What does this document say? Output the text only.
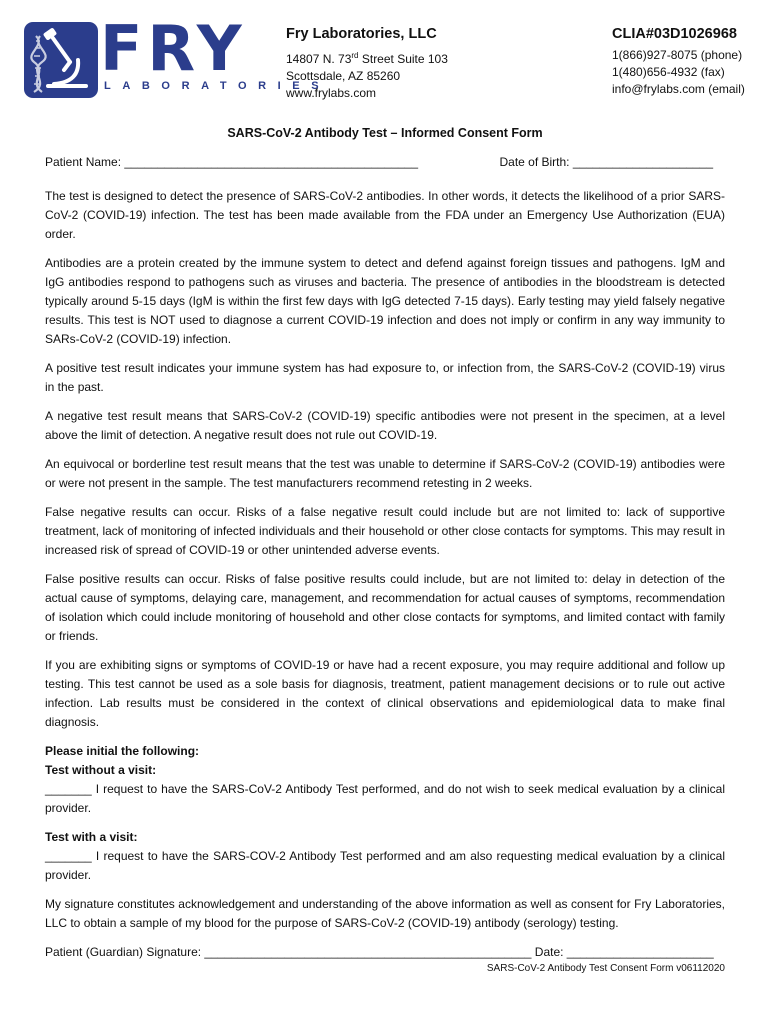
FRY
LABORATORIES
Fry Laboratories, LLC
14807 N. 73rd Street Suite 103
Scottsdale, AZ 85260
www.frylabs.com
CLIA#03D1026968
1(866)927-8075 (phone)
1(480)656-4932 (fax)
info@frylabs.com (email)
SARS-CoV-2 Antibody Test – Informed Consent Form
Patient Name: ____________________________________________	Date of Birth: _____________________

The test is designed to detect the presence of SARS-CoV-2 antibodies. In other words, it detects the likelihood of a prior SARS-CoV-2 (COVID-19) infection. The test has been made available from the FDA under an Emergency Use Authorization (EUA) order.

Antibodies are a protein created by the immune system to detect and defend against foreign tissues and pathogens. IgM and IgG antibodies respond to pathogens such as viruses and bacteria. The presence of antibodies in the bloodstream is detected typically around 5-15 days (IgM is within the first few days with IgG detected 7-15 days). Early testing may yield falsely negative results. This test is NOT used to diagnose a current COVID-19 infection and does not imply or confirm in any way immunity to SARs-CoV-2 (COVID-19) infection.

A positive test result indicates your immune system has had exposure to, or infection from, the SARS-CoV-2 (COVID-19) virus in the past.

A negative test result means that SARS-CoV-2 (COVID-19) specific antibodies were not present in the specimen, at a level above the limit of detection. A negative result does not rule out COVID-19.

An equivocal or borderline test result means that the test was unable to determine if SARS-CoV-2 (COVID-19) antibodies were or were not present in the sample. The test manufacturers recommend retesting in 2 weeks.

False negative results can occur. Risks of a false negative result could include but are not limited to: lack of supportive treatment, lack of monitoring of infected individuals and their household or other close contacts for symptoms. This may result in increased risk of spread of COVID-19 or other unintended adverse events.

False positive results can occur. Risks of false positive results could include, but are not limited to: delay in detection of the actual cause of symptoms, delaying care, management, and recommendation for actual causes of symptoms, recommendation of isolation which could include monitoring of household and other close contacts for symptoms, and limited contact with family or friends.

If you are exhibiting signs or symptoms of COVID-19 or have had a recent exposure, you may require additional and follow up testing. This test cannot be used as a sole basis for diagnosis, treatment, patient management decisions or to rule out active infection. Lab results must be considered in the context of clinical observations and epidemiological data to make final diagnosis.

Please initial the following:
Test without a visit:

_______ I request to have the SARS-CoV-2 Antibody Test performed, and do not wish to seek medical evaluation by a clinical provider.

Test with a visit:

_______ I request to have the SARS-COV-2 Antibody Test performed and am also requesting medical evaluation by a clinical provider.

My signature constitutes acknowledgement and understanding of the above information as well as consent for Fry Laboratories, LLC to obtain a sample of my blood for the purpose of SARS-CoV-2 (COVID-19) antibody (serology) testing.

Patient (Guardian) Signature: _________________________________________________ Date: ______________________
SARS-CoV-2 Antibody Test Consent Form v06112020
